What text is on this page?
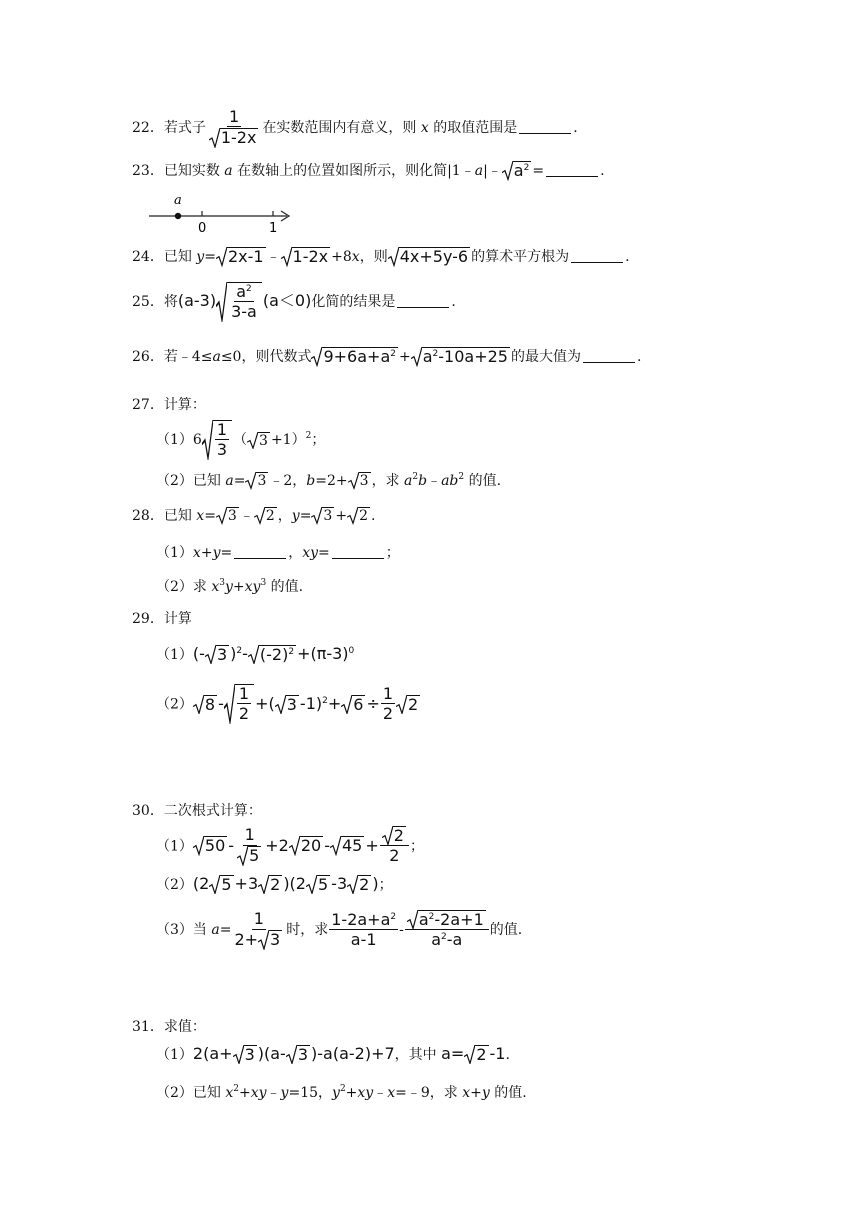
22．若式子 $\frac{1}{1-2x}$ 在实数范围内有意义，则 x 的取值范围是	.
23．已知实数 a 在数轴上的位置如图所示，则化简|1﹣a|﹣ $a^2$ =	.
a
0	1
24．已知 y= 2x-1 ﹣ 1-2x +8x，则 4x+5y-6 的算术平方根为	.
25．将$(a-3) \frac{a^2}{3-a} (a<0)$化简的结果是	.
26．若﹣4≤a≤0，则代数式 $9+6a+a^2 + a^2-10a+25$ 的最大值为	.
27．计算：
$(1)6 \frac{1}{3}$ （ 3 +1）$^2$；
（2）已知 a= 3 ﹣2，b=2+ 3 ，求 $a^2b﹣ab^2$ 的值.
28．已知 x= 3 ﹣ 2 ，y= 3 + 2 .
（1）x+y=	，xy=	；
（2）求 $x^3y+xy^3$ 的值.
29．计算
（1）(- 3 )$^2$- $(-2)^2 +(\pi-3)^0$
（2） $8 - \frac{1}{2}$ +( 3 $-1)^2+ 6 \div \frac{1}{2} 2$
30．二次根式计算：
（1） $50 - \frac{1}{5} +2$ $20 - 45 + \frac{2}{2}$ ；
（2）(2 5 +3 2 )(2 5 -3 2 )；
（3）当 $a= \frac{1}{2+ 3}$ 时，求 $\frac{1-2a+a^2}{a-1} - \frac{a^2-2a+1}{a^2-a}$ 的值.
31．求值：
（1）2(a+ 3 )(a- 3 )-a(a-2)+7，其中 a= 2 -1.
（2）已知 $x^2+xy﹣y=15$，$y^2+xy﹣x=﹣9$，求 x+y 的值.
